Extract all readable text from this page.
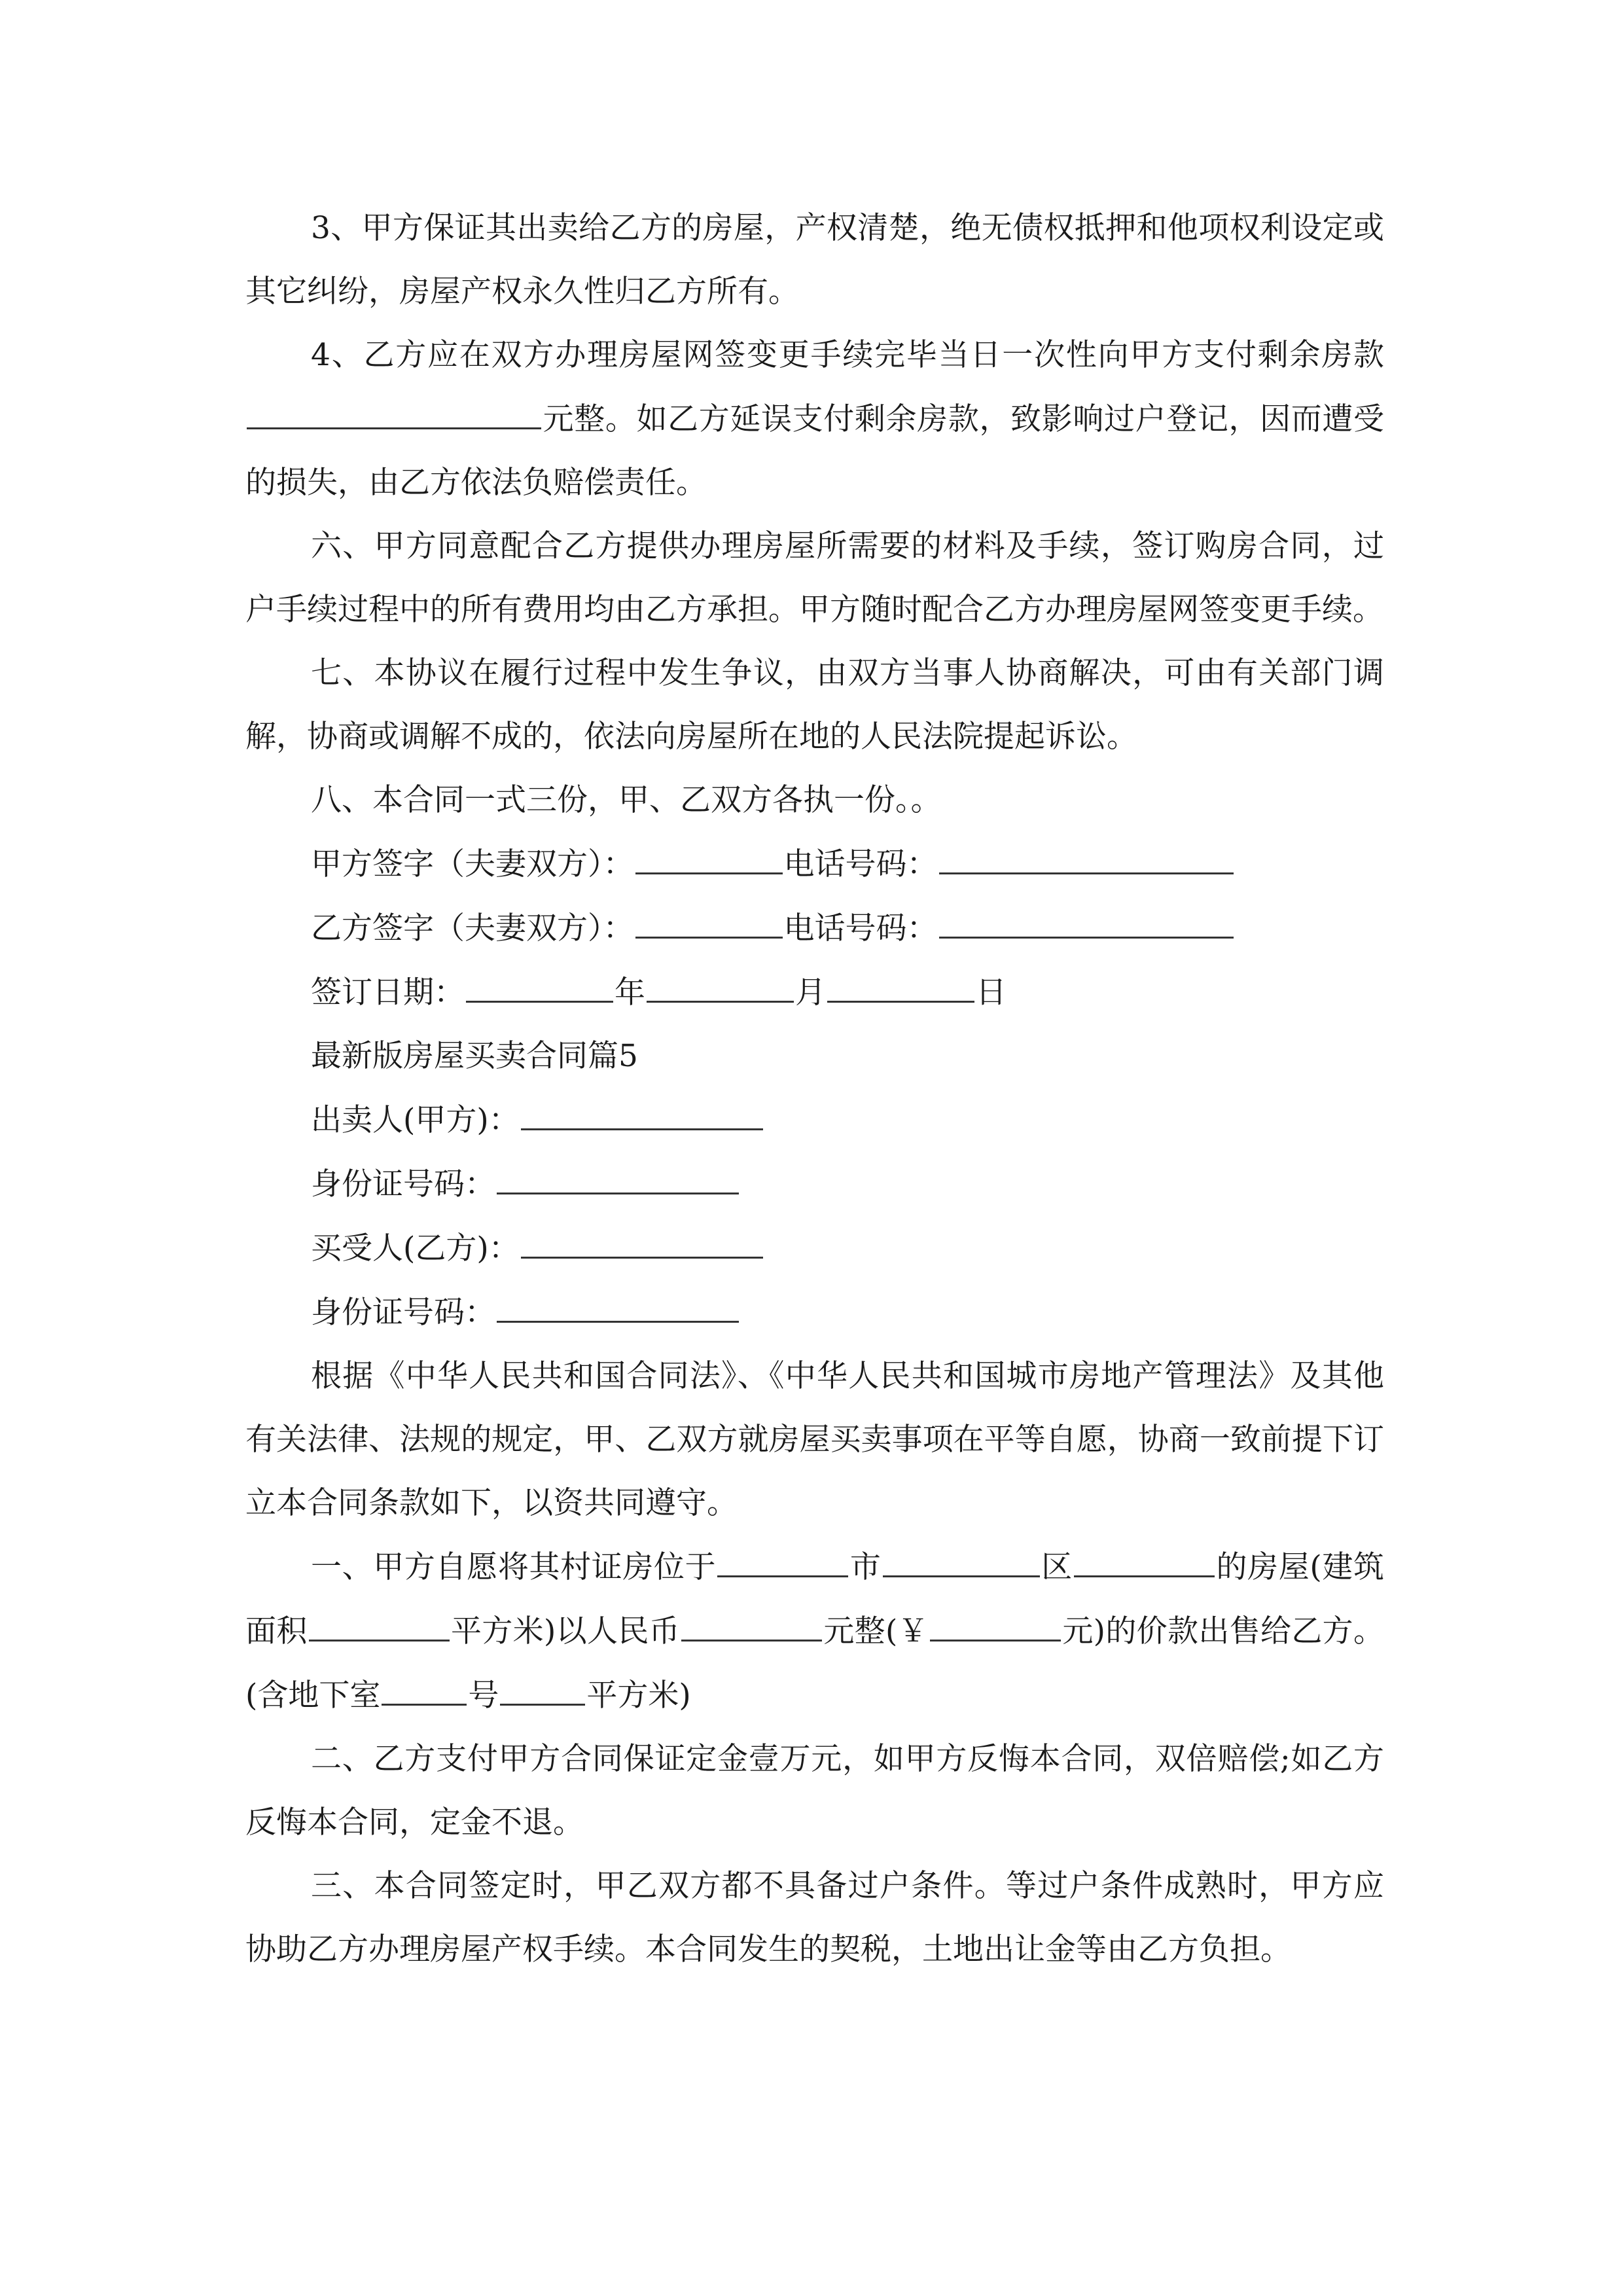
3、甲方保证其出卖给乙方的房屋，产权清楚，绝无债权抵押和他项权利设定或其它纠纷，房屋产权永久性归乙方所有。

4、乙方应在双方办理房屋网签变更手续完毕当日一次性向甲方支付剩余房款元整。如乙方延误支付剩余房款，致影响过户登记，因而遭受的损失，由乙方依法负赔偿责任。

六、甲方同意配合乙方提供办理房屋所需要的材料及手续，签订购房合同，过户手续过程中的所有费用均由乙方承担。甲方随时配合乙方办理房屋网签变更手续。

七、本协议在履行过程中发生争议，由双方当事人协商解决，可由有关部门调解，协商或调解不成的，依法向房屋所在地的人民法院提起诉讼。

八、本合同一式三份，甲、乙双方各执一份。。

甲方签字（夫妻双方）：	电话号码：

乙方签字（夫妻双方）：	电话号码：

签订日期：	年	月	日

最新版房屋买卖合同篇5

出卖人(甲方)：

身份证号码：

买受人(乙方)：

身份证号码：

根据《中华人民共和国合同法》、《中华人民共和国城市房地产管理法》及其他有关法律、法规的规定，甲、乙双方就房屋买卖事项在平等自愿，协商一致前提下订立本合同条款如下，以资共同遵守。

一、甲方自愿将其村证房位于	市	区	的房屋(建筑面积	平方米)以人民币	元整(￥	元)的价款出售给乙方。(含地下室	号	平方米)

二、乙方支付甲方合同保证定金壹万元，如甲方反悔本合同，双倍赔偿;如乙方反悔本合同，定金不退。

三、本合同签定时，甲乙双方都不具备过户条件。等过户条件成熟时，甲方应协助乙方办理房屋产权手续。本合同发生的契税，土地出让金等由乙方负担。
